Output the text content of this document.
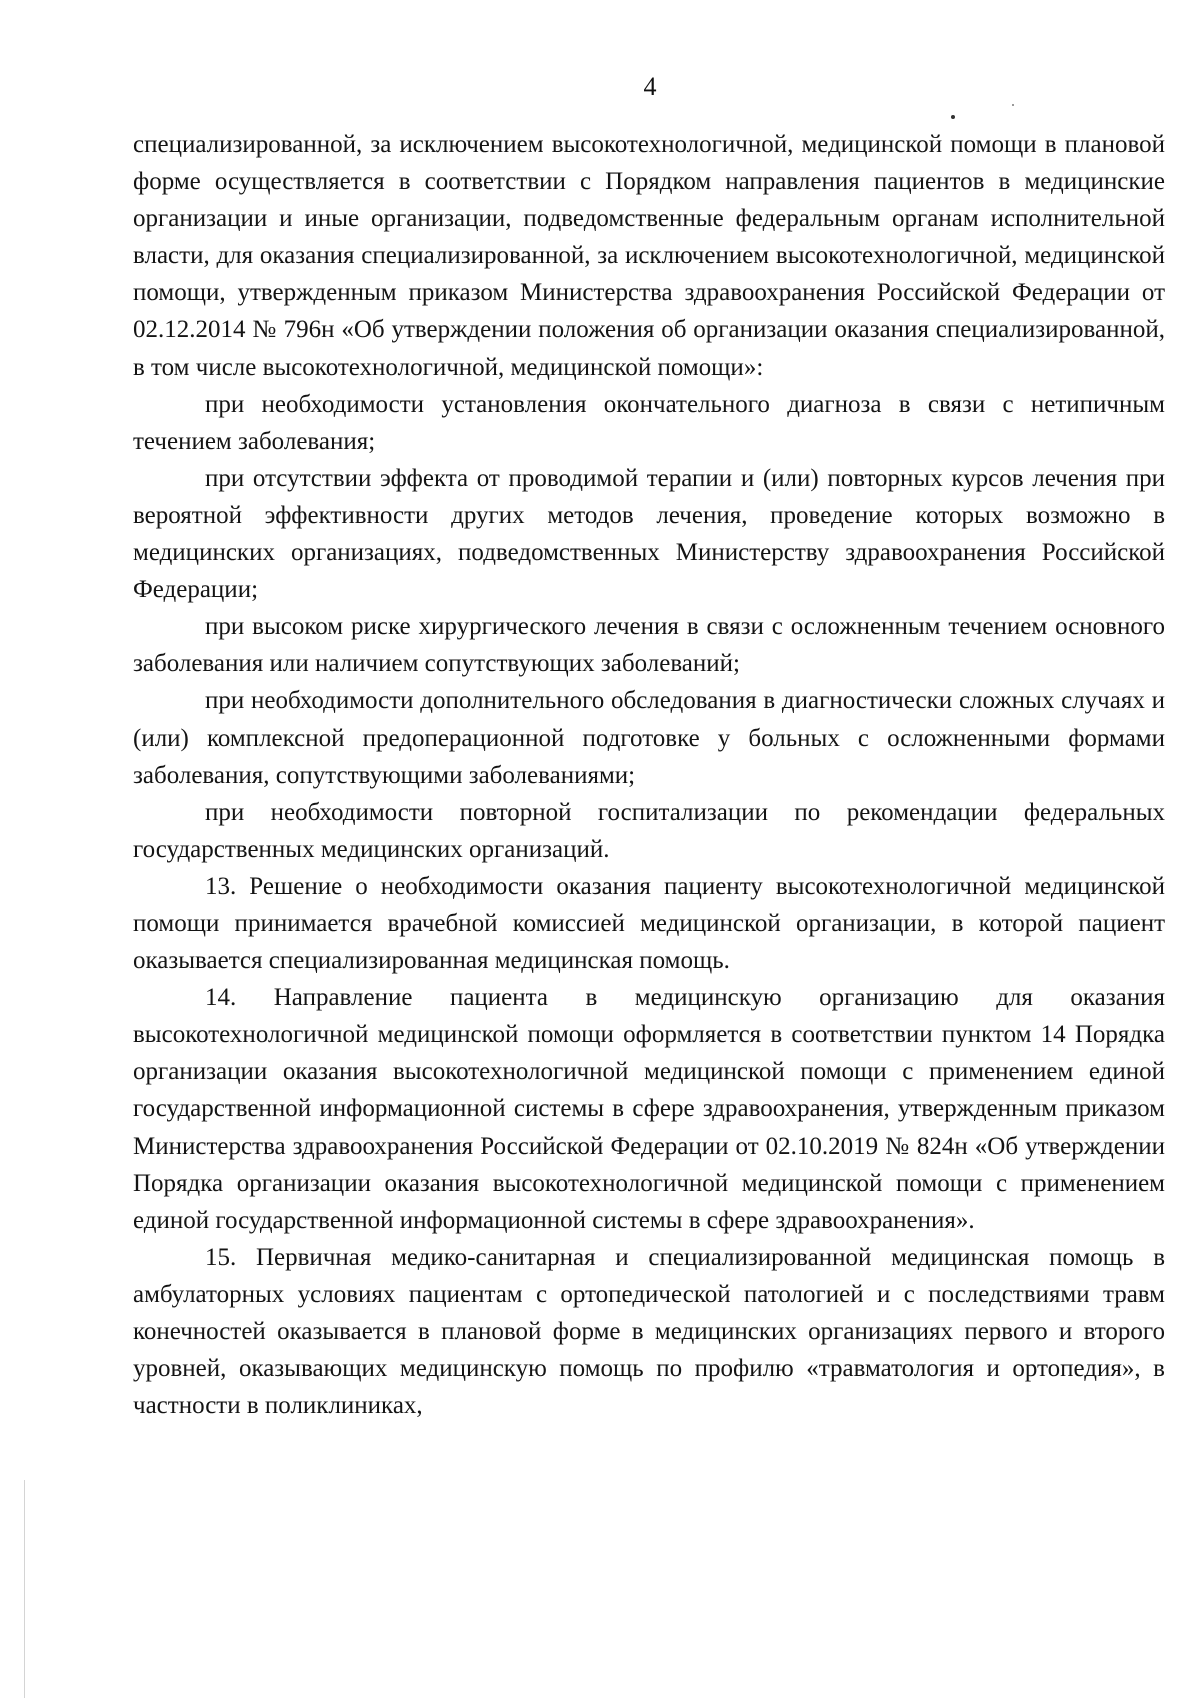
4

специализированной, за исключением высокотехнологичной, медицинской помощи в плановой форме осуществляется в соответствии с Порядком направления пациентов в медицинские организации и иные организации, подведомственные федеральным органам исполнительной власти, для оказания специализированной, за исключением высокотехнологичной, медицинской помощи, утвержденным приказом Министерства здравоохранения Российской Федерации от 02.12.2014 № 796н «Об утверждении положения об организации оказания специализированной, в том числе высокотехнологичной, медицинской помощи»:

при необходимости установления окончательного диагноза в связи с нетипичным течением заболевания;

при отсутствии эффекта от проводимой терапии и (или) повторных курсов лечения при вероятной эффективности других методов лечения, проведение которых возможно в медицинских организациях, подведомственных Министерству здравоохранения Российской Федерации;

при высоком риске хирургического лечения в связи с осложненным течением основного заболевания или наличием сопутствующих заболеваний;

при необходимости дополнительного обследования в диагностически сложных случаях и (или) комплексной предоперационной подготовке у больных с осложненными формами заболевания, сопутствующими заболеваниями;

при необходимости повторной госпитализации по рекомендации федеральных государственных медицинских организаций.

13. Решение о необходимости оказания пациенту высокотехнологичной медицинской помощи принимается врачебной комиссией медицинской организации, в которой пациент оказывается специализированная медицинская помощь.

14. Направление пациента в медицинскую организацию для оказания высокотехнологичной медицинской помощи оформляется в соответствии пунктом 14 Порядка организации оказания высокотехнологичной медицинской помощи с применением единой государственной информационной системы в сфере здравоохранения, утвержденным приказом Министерства здравоохранения Российской Федерации от 02.10.2019 № 824н «Об утверждении Порядка организации оказания высокотехнологичной медицинской помощи с применением единой государственной информационной системы в сфере здравоохранения».

15. Первичная медико-санитарная и специализированной медицинская помощь в амбулаторных условиях пациентам с ортопедической патологией и с последствиями травм конечностей оказывается в плановой форме в медицинских организациях первого и второго уровней, оказывающих медицинскую помощь по профилю «травматология и ортопедия», в частности в поликлиниках,
